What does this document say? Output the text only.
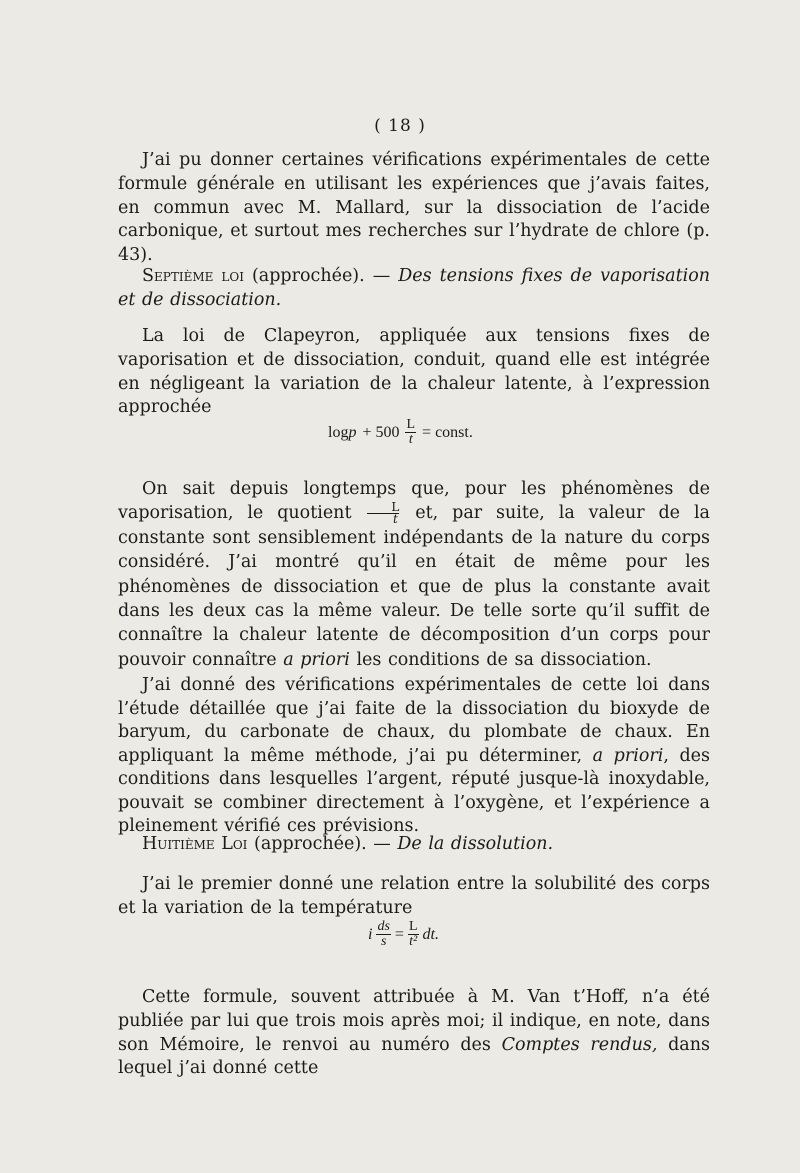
( 18 )

J’ai pu donner certaines vérifications expérimentales de cette formule générale en utilisant les expériences que j’avais faites, en commun avec M. Mallard, sur la dissociation de l’acide carbonique, et surtout mes recherches sur l’hydrate de chlore (p. 43).

Septième loi (approchée). — Des tensions fixes de vaporisation et de dissociation.

La loi de Clapeyron, appliquée aux tensions fixes de vaporisation et de dissociation, conduit, quand elle est intégrée en négligeant la variation de la chaleur latente, à l’expression approchée

$\log p + 500 \frac{L}{t}$ = const.

On sait depuis longtemps que, pour les phénomènes de vaporisation, le quotient $\frac{L}{t}$ et, par suite, la valeur de la constante sont sensiblement indépendants de la nature du corps considéré. J’ai montré qu’il en était de même pour les phénomènes de dissociation et que de plus la constante avait dans les deux cas la même valeur. De telle sorte qu’il suffit de connaître la chaleur latente de décomposition d’un corps pour pouvoir connaître a priori les conditions de sa dissociation.

J’ai donné des vérifications expérimentales de cette loi dans l’étude détaillée que j’ai faite de la dissociation du bioxyde de baryum, du carbonate de chaux, du plombate de chaux. En appliquant la même méthode, j’ai pu déterminer, a priori, des conditions dans lesquelles l’argent, réputé jusque-là inoxydable, pouvait se combiner directement à l’oxygène, et l’expérience a pleinement vérifié ces prévisions.

Huitième Loi (approchée). — De la dissolution.

J’ai le premier donné une relation entre la solubilité des corps et la variation de la température

i $\frac{ds}{s} = \frac{L}{\text{t²}}$ dt.

Cette formule, souvent attribuée à M. Van t’Hoff, n’a été publiée par lui que trois mois après moi; il indique, en note, dans son Mémoire, le renvoi au numéro des Comptes rendus, dans lequel j’ai donné cette
